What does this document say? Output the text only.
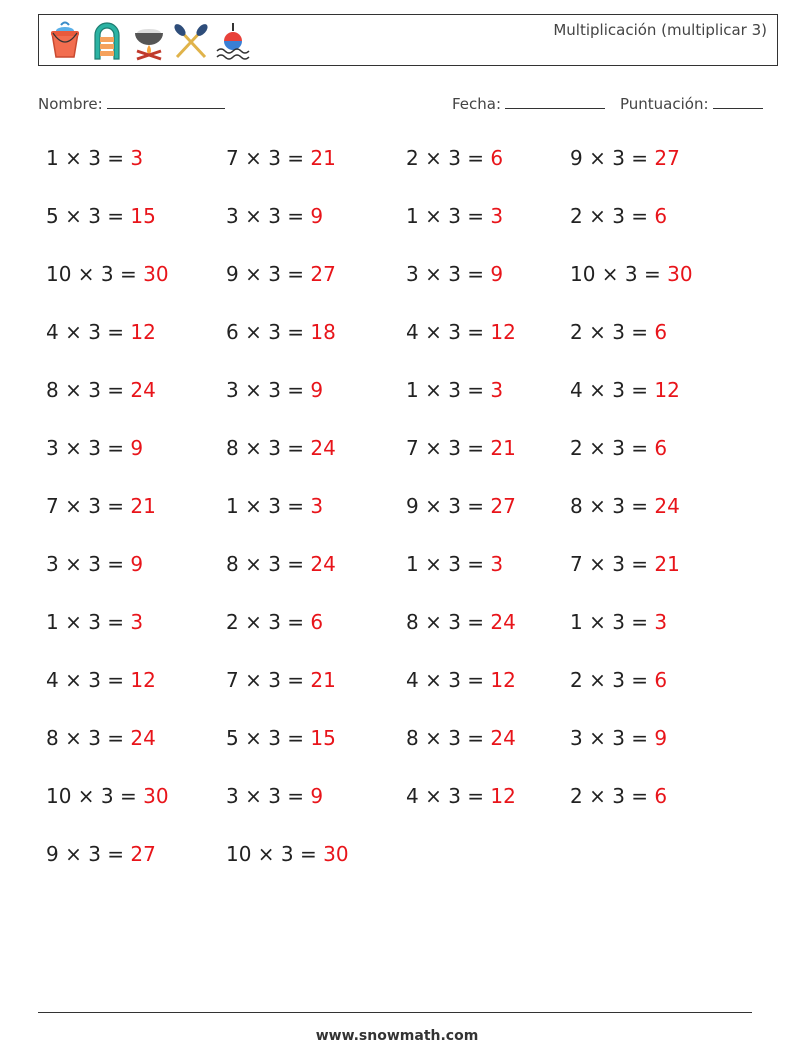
Multiplicación (multiplicar 3)
Nombre:	Fecha:	Puntuación:
1 × 3 = 3	7 × 3 = 21	2 × 3 = 6	9 × 3 = 27
5 × 3 = 15	3 × 3 = 9	1 × 3 = 3	2 × 3 = 6
10 × 3 = 30	9 × 3 = 27	3 × 3 = 9	10 × 3 = 30
4 × 3 = 12	6 × 3 = 18	4 × 3 = 12	2 × 3 = 6
8 × 3 = 24	3 × 3 = 9	1 × 3 = 3	4 × 3 = 12
3 × 3 = 9	8 × 3 = 24	7 × 3 = 21	2 × 3 = 6
7 × 3 = 21	1 × 3 = 3	9 × 3 = 27	8 × 3 = 24
3 × 3 = 9	8 × 3 = 24	1 × 3 = 3	7 × 3 = 21
1 × 3 = 3	2 × 3 = 6	8 × 3 = 24	1 × 3 = 3
4 × 3 = 12	7 × 3 = 21	4 × 3 = 12	2 × 3 = 6
8 × 3 = 24	5 × 3 = 15	8 × 3 = 24	3 × 3 = 9
10 × 3 = 30	3 × 3 = 9	4 × 3 = 12	2 × 3 = 6
9 × 3 = 27	10 × 3 = 30
www.snowmath.com
